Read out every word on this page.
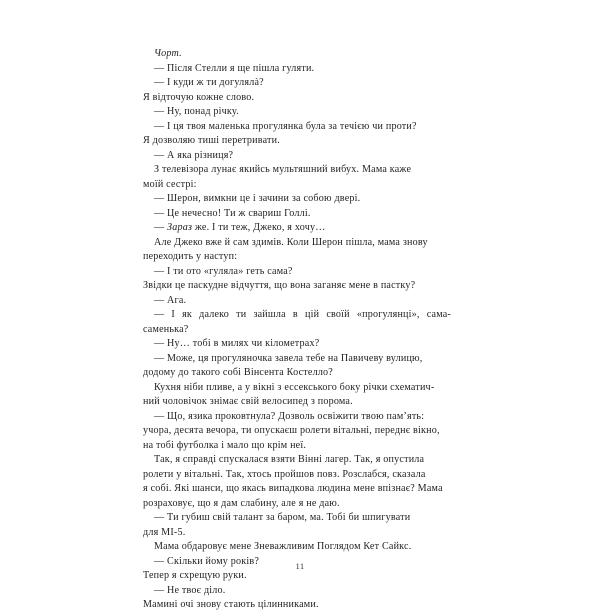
Чорт.

— Після Стелли я ще пішла гуляти.

— І куди ж ти догулялà?

Я відточую кожне слово.

— Ну, понад річку.

— І ця твоя маленька прогулянка була за течією чи проти?

Я дозволяю тиші перетривати.

— А яка різниця?

З телевізора лунає якийсь мультяшний вибух. Мама каже

моїй сестрі:

— Шерон, вимкни це і зачини за собою двері.

— Це нечесно! Ти ж свариш Голлі.

— Зараз же. І ти теж, Джеко, я хочу…

Але Джеко вже й сам здимів. Коли Шерон пішла, мама знову

переходить у наступ:

— І ти ото «гуляла» геть сама?

Звідки це паскудне відчуття, що вона заганяє мене в пастку?

— Ага.

— І як далеко ти зайшла в цій своїй «прогулянці», сама-саменька?

— Ну… тобі в милях чи кілометрах?

— Може, ця прогуляночка завела тебе на Павичеву вулицю,

додому до такого собі Вінсента Костелло?

Кухня ніби пливе, а у вікні з ессекського боку річки схематич-

ний чоловічок знімає свій велосипед з порома.

— Що, язика проковтнула? Дозволь освіжити твою пам’ять:

учора, десята вечора, ти опускаєш ролети вітальні, переднє вікно,

на тобі футболка і мало що крім неї.

Так, я справді спускалася взяти Вінні лагер. Так, я опустила

ролети у вітальні. Так, хтось пройшов повз. Розслабся, сказала

я собі. Які шанси, що якась випадкова людина мене впізнає? Мама

розраховує, що я дам слабину, але я не даю.

— Ти губиш свій талант за баром, ма. Тобі би шпигувати

для МІ-5.

Мама обдаровує мене Зневажливим Поглядом Кет Сайкс.

— Скільки йому років?

Тепер я схрещую руки.

— Не твоє діло.

Мамині очі знову стають цілинниками.

11
